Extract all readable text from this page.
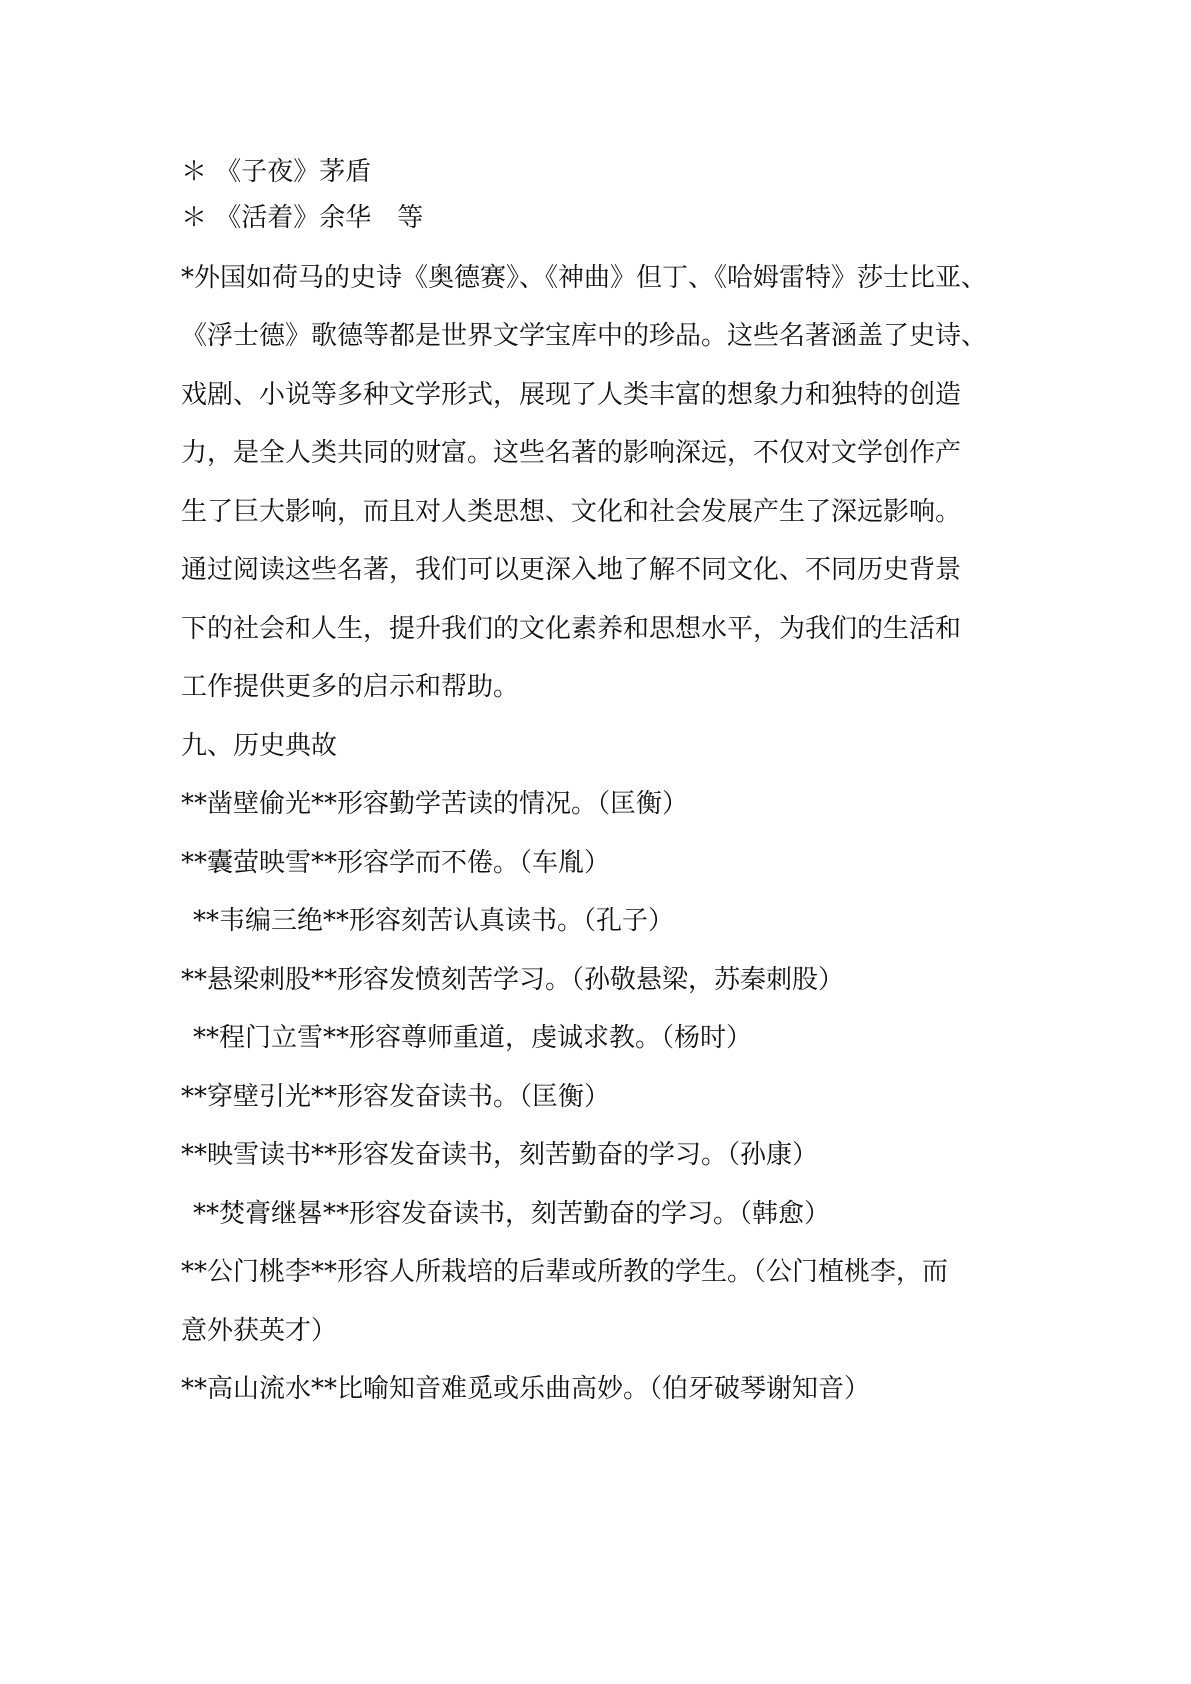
＊ 《子夜》茅盾
＊ 《活着》余华　等
*外国如荷马的史诗《奥德赛》、《神曲》但丁、《哈姆雷特》莎士比亚、
《浮士德》歌德等都是世界文学宝库中的珍品。这些名著涵盖了史诗、
戏剧、小说等多种文学形式，展现了人类丰富的想象力和独特的创造
力，是全人类共同的财富。这些名著的影响深远，不仅对文学创作产
生了巨大影响，而且对人类思想、文化和社会发展产生了深远影响。
通过阅读这些名著，我们可以更深入地了解不同文化、不同历史背景
下的社会和人生，提升我们的文化素养和思想水平，为我们的生活和
工作提供更多的启示和帮助。
九、历史典故
**凿壁偷光**形容勤学苦读的情况。（匡衡）
**囊萤映雪**形容学而不倦。（车胤）
**韦编三绝**形容刻苦认真读书。（孔子）
**悬梁刺股**形容发愤刻苦学习。（孙敬悬梁，苏秦刺股）
**程门立雪**形容尊师重道，虔诚求教。（杨时）
**穿壁引光**形容发奋读书。（匡衡）
**映雪读书**形容发奋读书，刻苦勤奋的学习。（孙康）
**焚膏继晷**形容发奋读书，刻苦勤奋的学习。（韩愈）
**公门桃李**形容人所栽培的后辈或所教的学生。（公门植桃李，而
意外获英才）
**高山流水**比喻知音难觅或乐曲高妙。（伯牙破琴谢知音）
